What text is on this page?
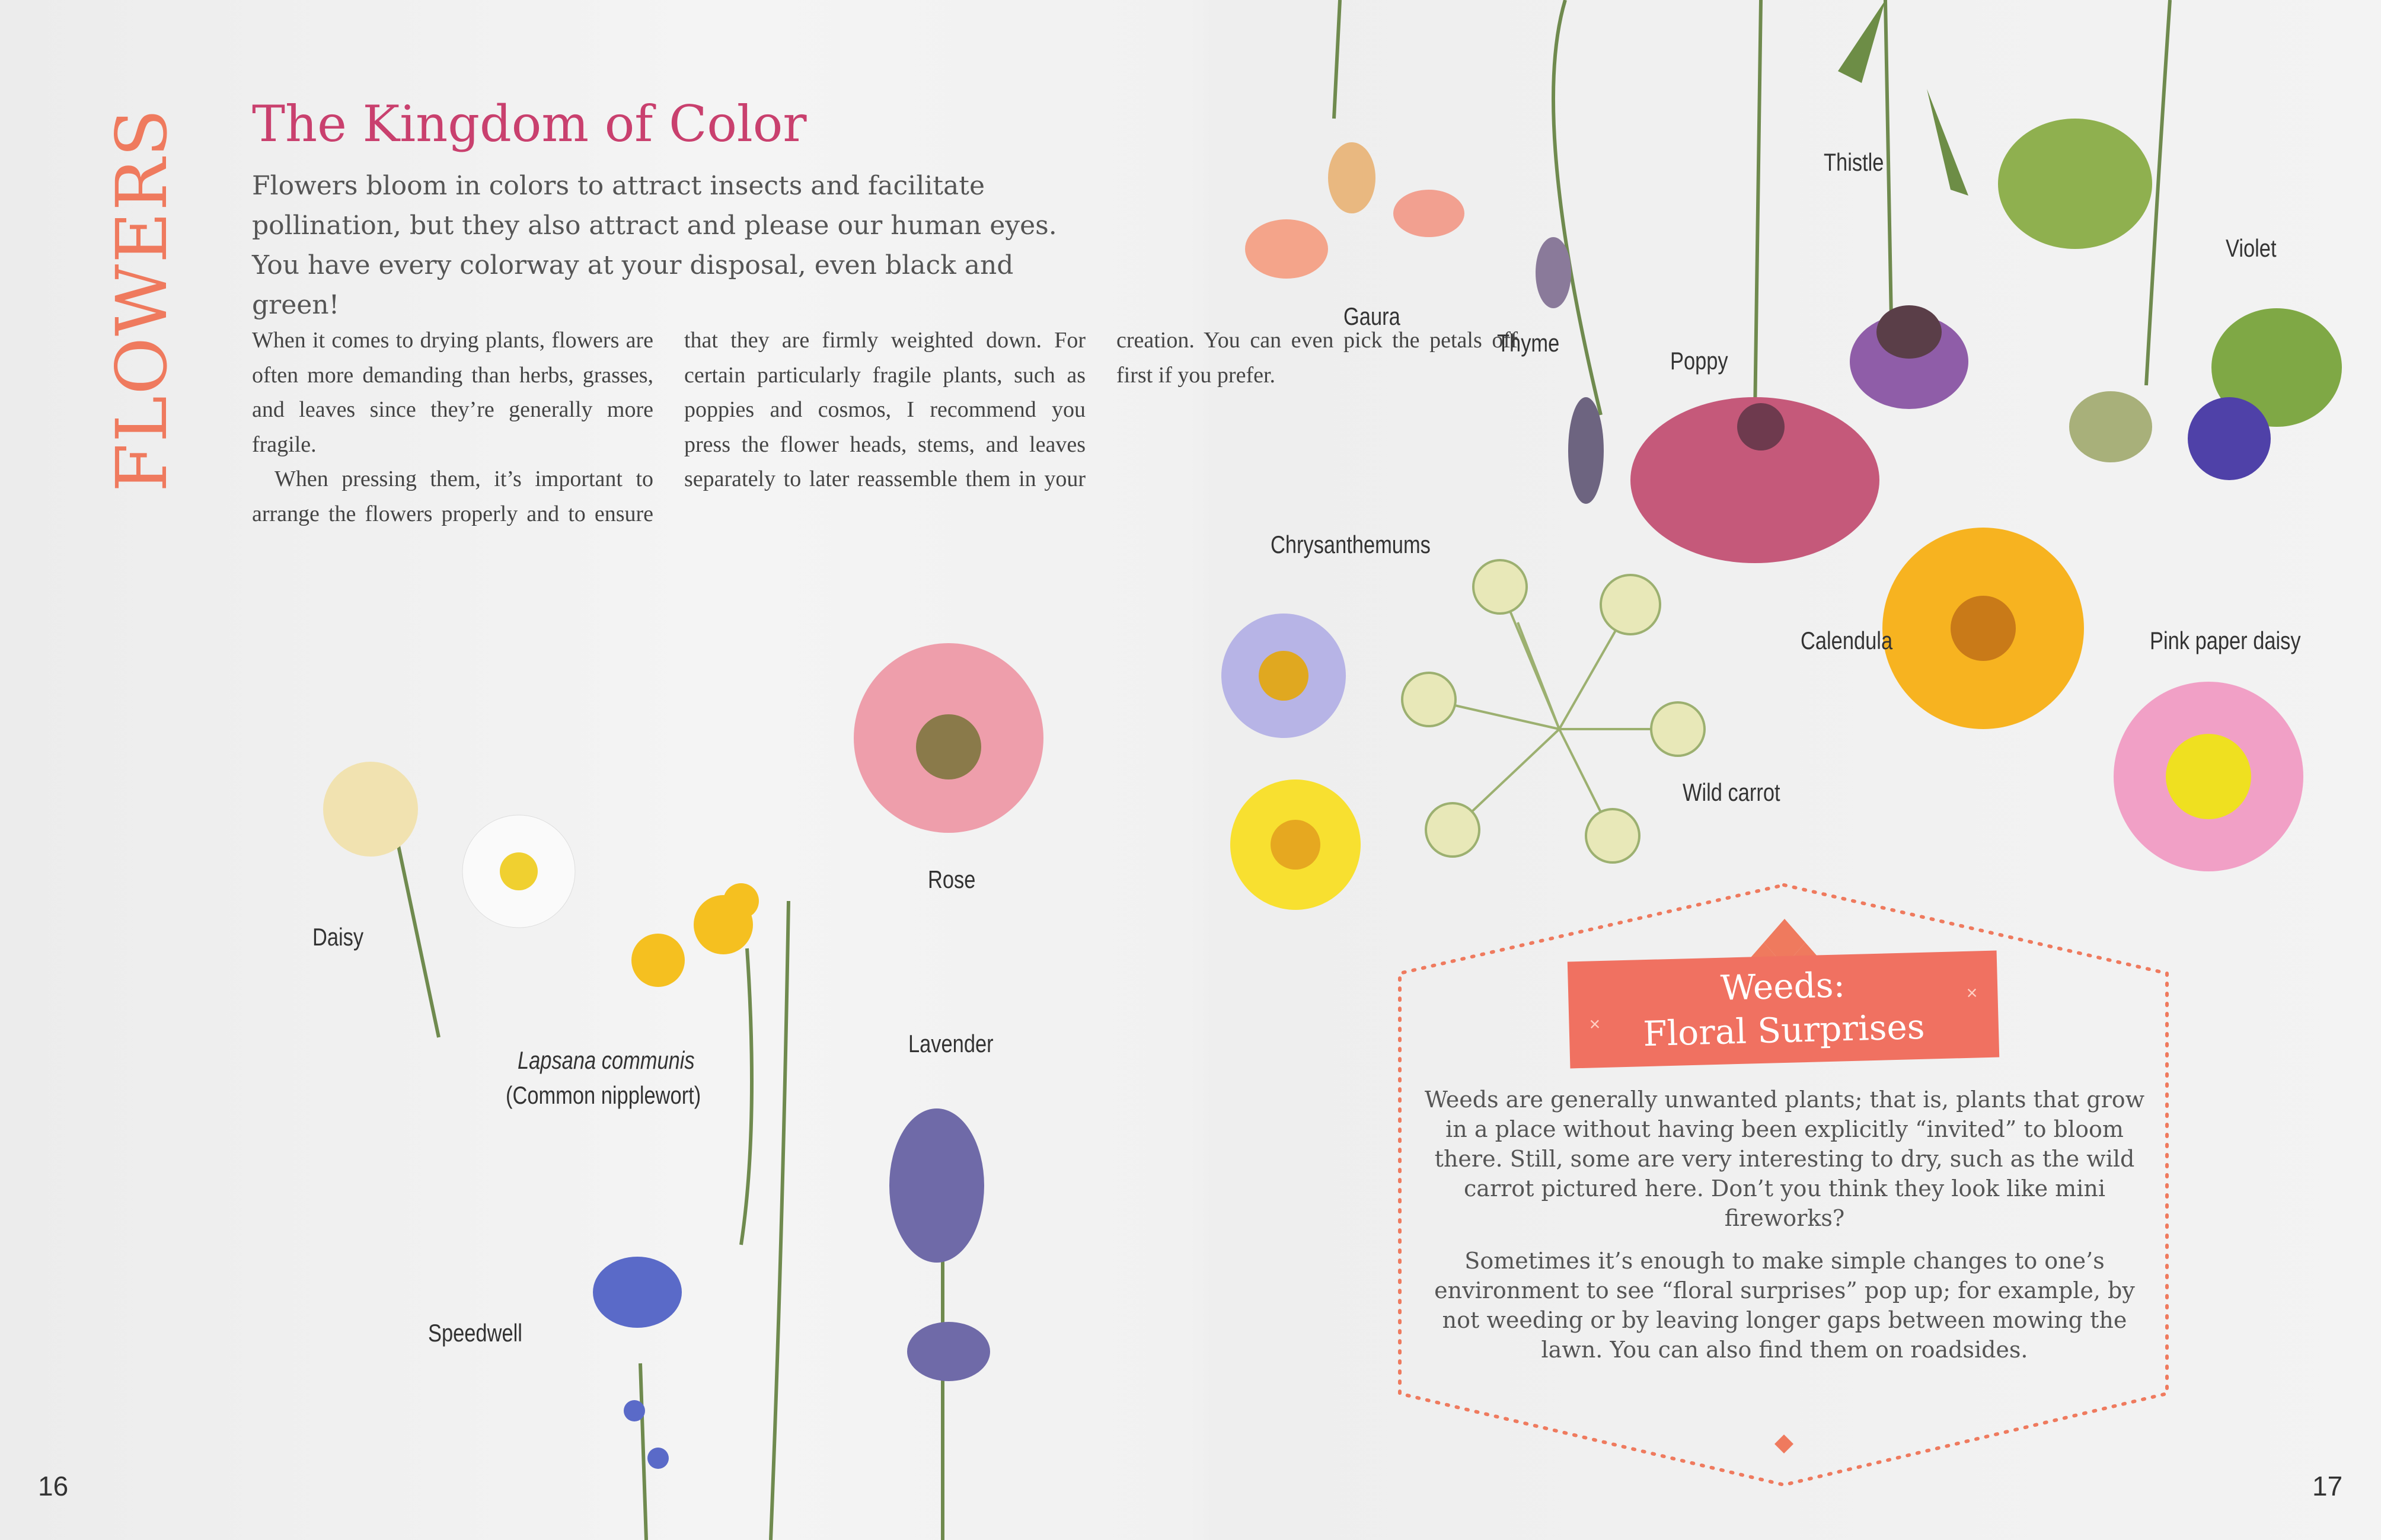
FLOWERS The Kingdom of Color
Flowers bloom in colors to attract insects and facilitate pollination, but they also attract and please our human eyes. You have every colorway at your disposal, even black and green!

When it comes to drying plants, flowers are often more demanding than herbs, grasses, and leaves since they’re generally more fragile.

When pressing them, it’s important to arrange the flowers properly and to ensure that they are firmly weighted down. For certain particularly fragile plants, such as poppies and cosmos, I recommend you press the flower heads, stems, and leaves separately to later reassemble them in your creation. You can even pick the petals off first if you prefer.

Gaura
Thyme
Poppy
Thistle
Violet
Chrysanthemums
Calendula	Pink paper daisy
Wild carrot
Rose
Daisy
Lapsana communis
(Common nipplewort)
Lavender
Speedwell
×
×
Weeds:
Floral Surprises

Weeds are generally unwanted plants; that is, plants that grow in a place without having been explicitly “invited” to bloom there. Still, some are very interesting to dry, such as the wild carrot pictured here. Don’t you think they look like mini fireworks?

Sometimes it’s enough to make simple changes to one’s environment to see “floral surprises” pop up; for example, by not weeding or by leaving longer gaps between mowing the lawn. You can also find them on roadsides.

16	17
